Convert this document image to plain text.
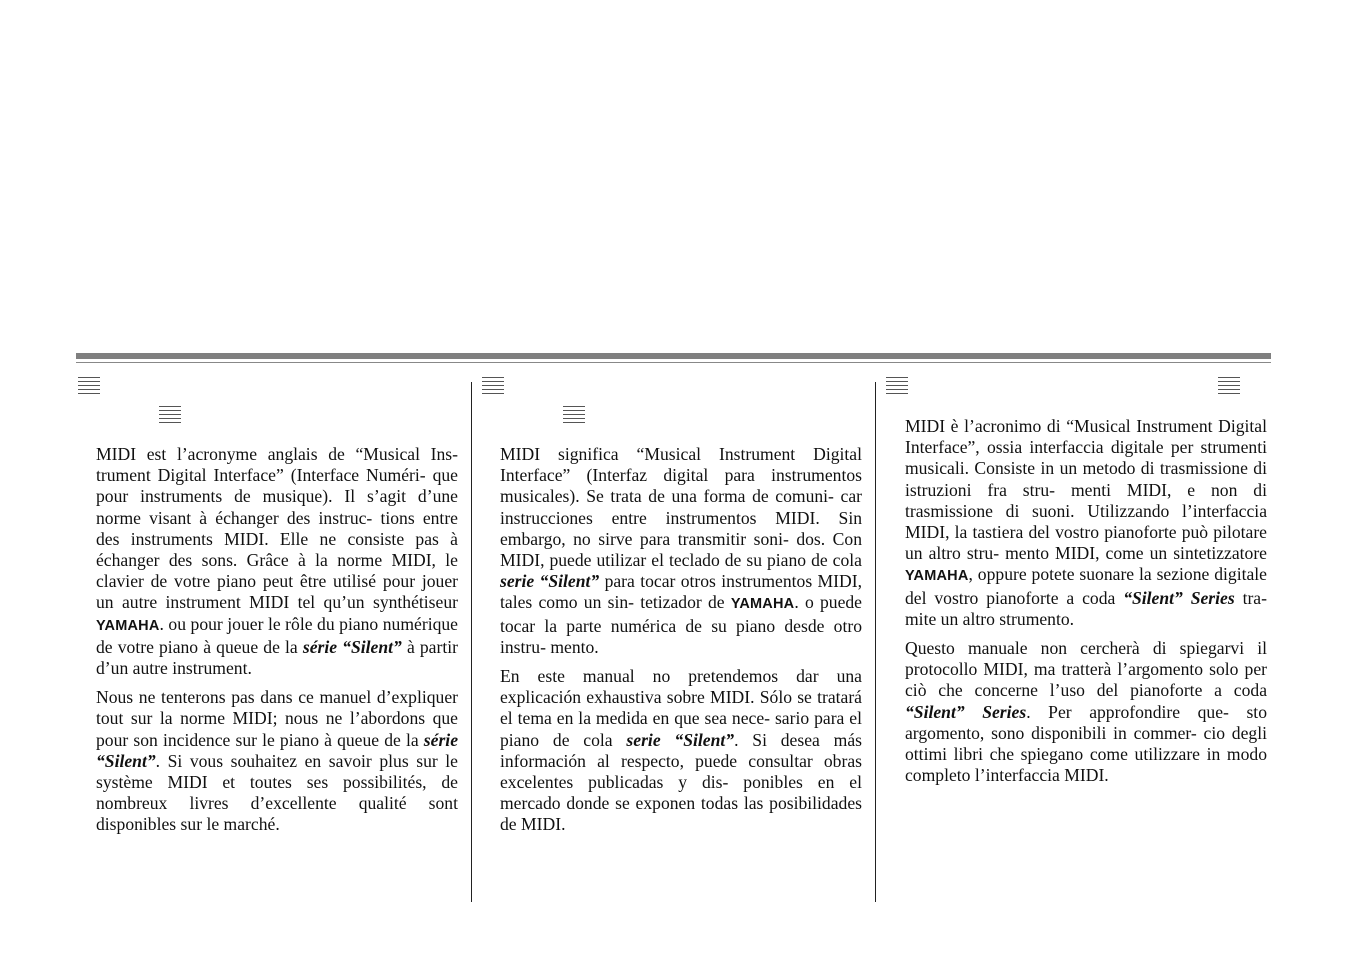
MIDI est l’acronyme anglais de “Musical Ins- trument Digital Interface” (Interface Numéri- que pour instruments de musique). Il s’agit d’une norme visant à échanger des instruc- tions entre des instruments MIDI. Elle ne consiste pas à échanger des sons. Grâce à la norme MIDI, le clavier de votre piano peut être utilisé pour jouer un autre instrument MIDI tel qu’un synthétiseur YAMAHA. ou pour jouer le rôle du piano numérique de votre piano à queue de la série “Silent” à partir d’un autre instrument.

Nous ne tenterons pas dans ce manuel d’expliquer tout sur la norme MIDI; nous ne l’abordons que pour son incidence sur le piano à queue de la série “Silent”. Si vous souhaitez en savoir plus sur le système MIDI et toutes ses possibilités, de nombreux livres d’excellente qualité sont disponibles sur le marché.

MIDI significa “Musical Instrument Digital Interface” (Interfaz digital para instrumentos musicales). Se trata de una forma de comuni- car instrucciones entre instrumentos MIDI. Sin embargo, no sirve para transmitir soni- dos. Con MIDI, puede utilizar el teclado de su piano de cola serie “Silent” para tocar otros instrumentos MIDI, tales como un sin- tetizador de YAMAHA. o puede tocar la parte numérica de su piano desde otro instru- mento.

En este manual no pretendemos dar una explicación exhaustiva sobre MIDI. Sólo se tratará el tema en la medida en que sea nece- sario para el piano de cola serie “Silent”. Si desea más información al respecto, puede consultar obras excelentes publicadas y dis- ponibles en el mercado donde se exponen todas las posibilidades de MIDI.

MIDI è l’acronimo di “Musical Instrument Digital Interface”, ossia interfaccia digitale per strumenti musicali. Consiste in un metodo di trasmissione di istruzioni fra stru- menti MIDI, e non di trasmissione di suoni. Utilizzando l’interfaccia MIDI, la tastiera del vostro pianoforte può pilotare un altro stru- mento MIDI, come un sintetizzatore YAMAHA, oppure potete suonare la sezione digitale del vostro pianoforte a coda “Silent” Series tra- mite un altro strumento.

Questo manuale non cercherà di spiegarvi il protocollo MIDI, ma tratterà l’argomento solo per ciò che concerne l’uso del pianoforte a coda “Silent” Series. Per approfondire que- sto argomento, sono disponibili in commer- cio degli ottimi libri che spiegano come utilizzare in modo completo l’interfaccia MIDI.
